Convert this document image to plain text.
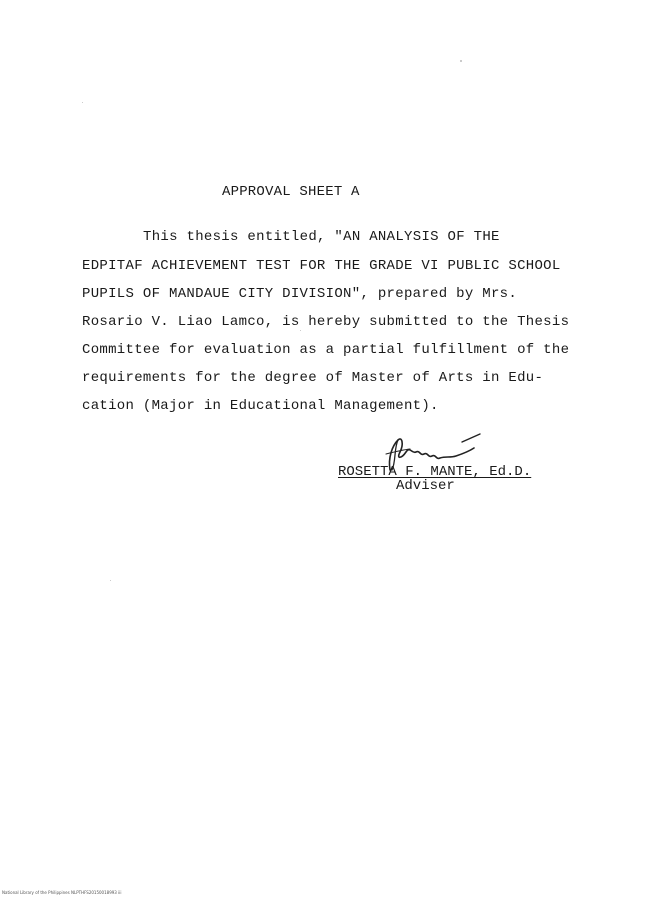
APPROVAL SHEET A
This thesis entitled, "AN ANALYSIS OF THE
EDPITAF ACHIEVEMENT TEST FOR THE GRADE VI PUBLIC SCHOOL
PUPILS OF MANDAUE CITY DIVISION", prepared by Mrs.
Rosario V. Liao Lamco, is hereby submitted to the Thesis
Committee for evaluation as a partial fulfillment of the
requirements for the degree of Master of Arts in Edu-
cation (Major in Educational Management).
ROSETTA F. MANTE, Ed.D.
Adviser
National Library of the Philippines NLPTHFS20150018993 iii
